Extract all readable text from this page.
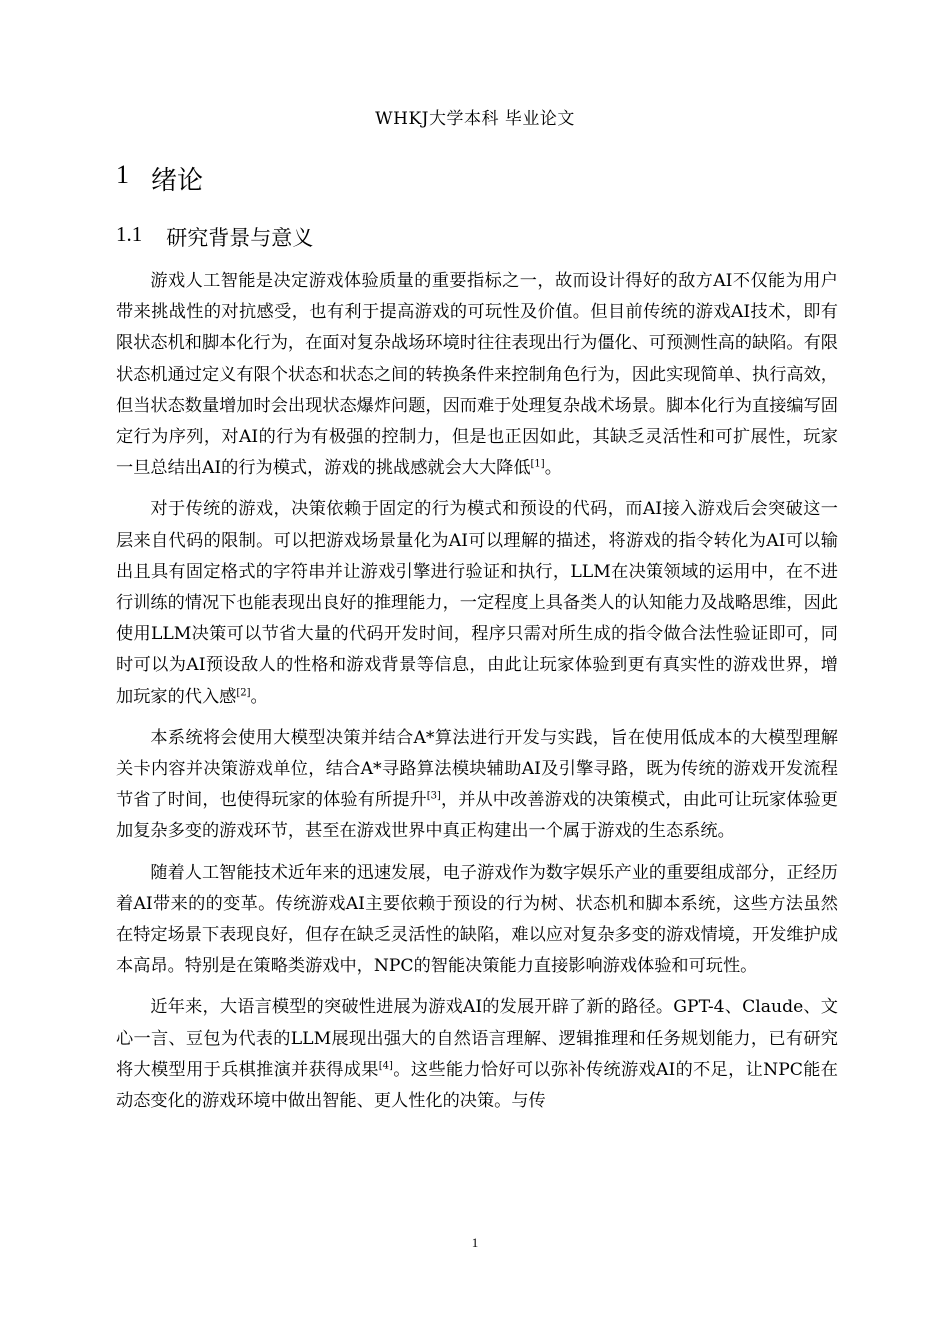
WHKJ大学本科 毕业论文
1 绪论
1.1 研究背景与意义

游戏人工智能是决定游戏体验质量的重要指标之一，故而设计得好的敌方AI不仅能为用户带来挑战性的对抗感受，也有利于提高游戏的可玩性及价值。但目前传统的游戏AI技术，即有限状态机和脚本化行为，在面对复杂战场环境时往往表现出行为僵化、可预测性高的缺陷。有限状态机通过定义有限个状态和状态之间的转换条件来控制角色行为，因此实现简单、执行高效，但当状态数量增加时会出现状态爆炸问题，因而难于处理复杂战术场景。脚本化行为直接编写固定行为序列，对AI的行为有极强的控制力，但是也正因如此，其缺乏灵活性和可扩展性，玩家一旦总结出AI的行为模式，游戏的挑战感就会大大降低[1]。

对于传统的游戏，决策依赖于固定的行为模式和预设的代码，而AI接入游戏后会突破这一层来自代码的限制。可以把游戏场景量化为AI可以理解的描述，将游戏的指令转化为AI可以输出且具有固定格式的字符串并让游戏引擎进行验证和执行，LLM在决策领域的运用中，在不进行训练的情况下也能表现出良好的推理能力，一定程度上具备类人的认知能力及战略思维，因此使用LLM决策可以节省大量的代码开发时间，程序只需对所生成的指令做合法性验证即可，同时可以为AI预设敌人的性格和游戏背景等信息，由此让玩家体验到更有真实性的游戏世界，增加玩家的代入感[2]。

本系统将会使用大模型决策并结合A*算法进行开发与实践，旨在使用低成本的大模型理解关卡内容并决策游戏单位，结合A*寻路算法模块辅助AI及引擎寻路，既为传统的游戏开发流程节省了时间，也使得玩家的体验有所提升[3]，并从中改善游戏的决策模式，由此可让玩家体验更加复杂多变的游戏环节，甚至在游戏世界中真正构建出一个属于游戏的生态系统。

随着人工智能技术近年来的迅速发展，电子游戏作为数字娱乐产业的重要组成部分，正经历着AI带来的的变革。传统游戏AI主要依赖于预设的行为树、状态机和脚本系统，这些方法虽然在特定场景下表现良好，但存在缺乏灵活性的缺陷，难以应对复杂多变的游戏情境，开发维护成本高昂。特别是在策略类游戏中，NPC的智能决策能力直接影响游戏体验和可玩性。

近年来，大语言模型的突破性进展为游戏AI的发展开辟了新的路径。GPT-4、Claude、文心一言、豆包为代表的LLM展现出强大的自然语言理解、逻辑推理和任务规划能力，已有研究将大模型用于兵棋推演并获得成果[4]。这些能力恰好可以弥补传统游戏AI的不足，让NPC能在动态变化的游戏环境中做出智能、更人性化的决策。与传

1
